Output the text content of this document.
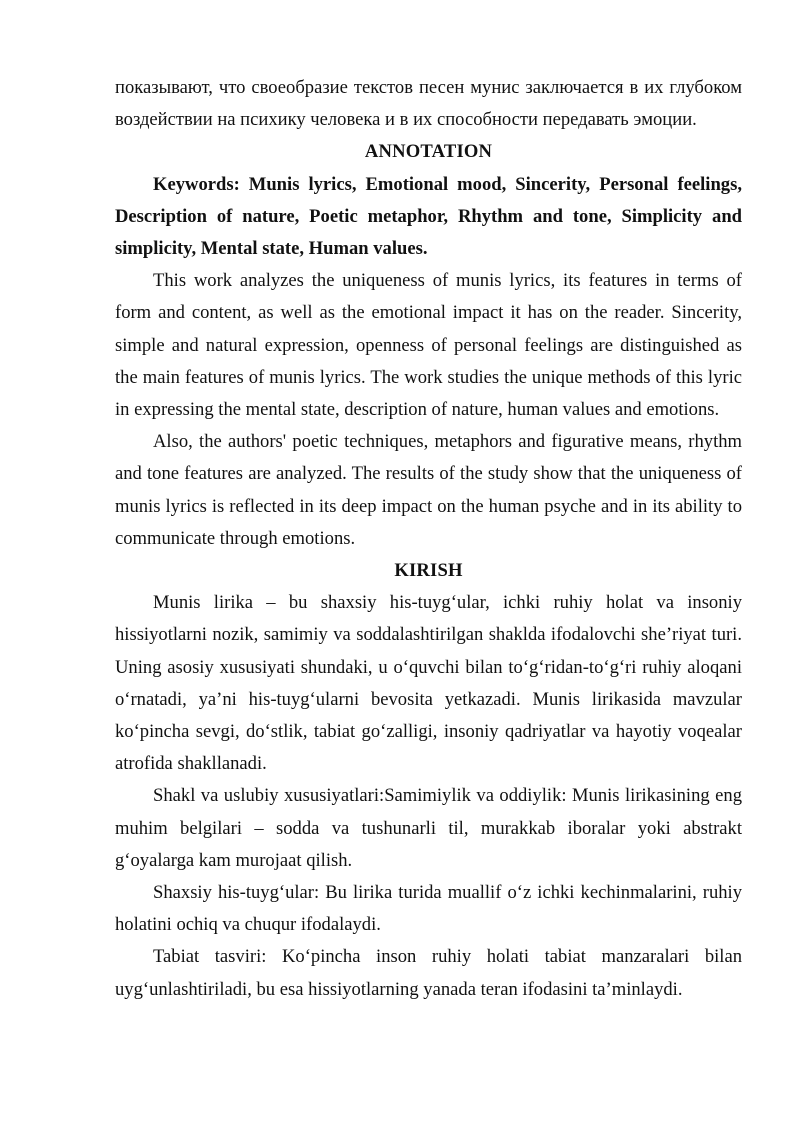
показывают, что своеобразие текстов песен мунис заключается в их глубоком воздействии на психику человека и в их способности передавать эмоции.

ANNOTATION

Keywords: Munis lyrics, Emotional mood, Sincerity, Personal feelings, Description of nature, Poetic metaphor, Rhythm and tone, Simplicity and simplicity, Mental state, Human values.

This work analyzes the uniqueness of munis lyrics, its features in terms of form and content, as well as the emotional impact it has on the reader. Sincerity, simple and natural expression, openness of personal feelings are distinguished as the main features of munis lyrics. The work studies the unique methods of this lyric in expressing the mental state, description of nature, human values and emotions.

Also, the authors' poetic techniques, metaphors and figurative means, rhythm and tone features are analyzed. The results of the study show that the uniqueness of munis lyrics is reflected in its deep impact on the human psyche and in its ability to communicate through emotions.

KIRISH

Munis lirika – bu shaxsiy his-tuyg‘ular, ichki ruhiy holat va insoniy hissiyotlarni nozik, samimiy va soddalashtirilgan shaklda ifodalovchi she’riyat turi. Uning asosiy xususiyati shundaki, u o‘quvchi bilan to‘g‘ridan-to‘g‘ri ruhiy aloqani o‘rnatadi, ya’ni his-tuyg‘ularni bevosita yetkazadi. Munis lirikasida mavzular ko‘pincha sevgi, do‘stlik, tabiat go‘zalligi, insoniy qadriyatlar va hayotiy voqealar atrofida shakllanadi.

Shakl va uslubiy xususiyatlari:Samimiylik va oddiylik: Munis lirikasining eng muhim belgilari – sodda va tushunarli til, murakkab iboralar yoki abstrakt g‘oyalarga kam murojaat qilish.

Shaxsiy his-tuyg‘ular: Bu lirika turida muallif o‘z ichki kechinmalarini, ruhiy holatini ochiq va chuqur ifodalaydi.

Tabiat tasviri: Ko‘pincha inson ruhiy holati tabiat manzaralari bilan uyg‘unlashtiriladi, bu esa hissiyotlarning yanada teran ifodasini ta’minlaydi.
